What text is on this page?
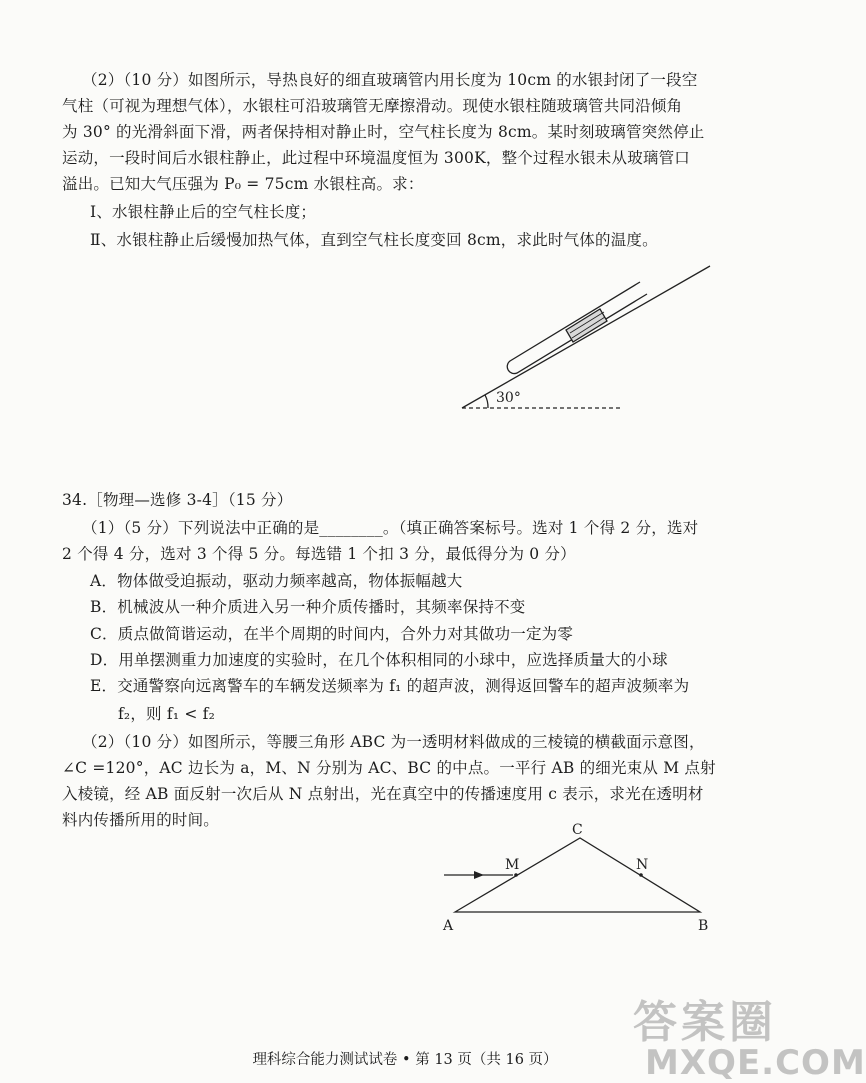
（2）（10 分）如图所示，导热良好的细直玻璃管内用长度为 10cm 的水银封闭了一段空
气柱（可视为理想气体），水银柱可沿玻璃管无摩擦滑动。现使水银柱随玻璃管共同沿倾角
为 30° 的光滑斜面下滑，两者保持相对静止时，空气柱长度为 8cm。某时刻玻璃管突然停止
运动，一段时间后水银柱静止，此过程中环境温度恒为 300K，整个过程水银未从玻璃管口
溢出。已知大气压强为 P₀ = 75cm 水银柱高。求：
Ⅰ、水银柱静止后的空气柱长度；
Ⅱ、水银柱静止后缓慢加热气体，直到空气柱长度变回 8cm，求此时气体的温度。
30°
34.［物理—选修 3-4］（15 分）
（1）（5 分）下列说法中正确的是________。（填正确答案标号。选对 1 个得 2 分，选对
2 个得 4 分，选对 3 个得 5 分。每选错 1 个扣 3 分，最低得分为 0 分）
A．物体做受迫振动，驱动力频率越高，物体振幅越大
B．机械波从一种介质进入另一种介质传播时，其频率保持不变
C．质点做简谐运动，在半个周期的时间内，合外力对其做功一定为零
D．用单摆测重力加速度的实验时，在几个体积相同的小球中，应选择质量大的小球
E．交通警察向远离警车的车辆发送频率为 f₁ 的超声波，测得返回警车的超声波频率为
f₂，则 f₁ < f₂
（2）（10 分）如图所示，等腰三角形 ABC 为一透明材料做成的三棱镜的横截面示意图，
∠C =120°，AC 边长为 a，M、N 分别为 AC、BC 的中点。一平行 AB 的细光束从 M 点射
入棱镜，经 AB 面反射一次后从 N 点射出，光在真空中的传播速度用 c 表示，求光在透明材
料内传播所用的时间。
A	B
C
M	N
答案圈
MXQE.COM
理科综合能力测试试卷 • 第 13 页（共 16 页）
